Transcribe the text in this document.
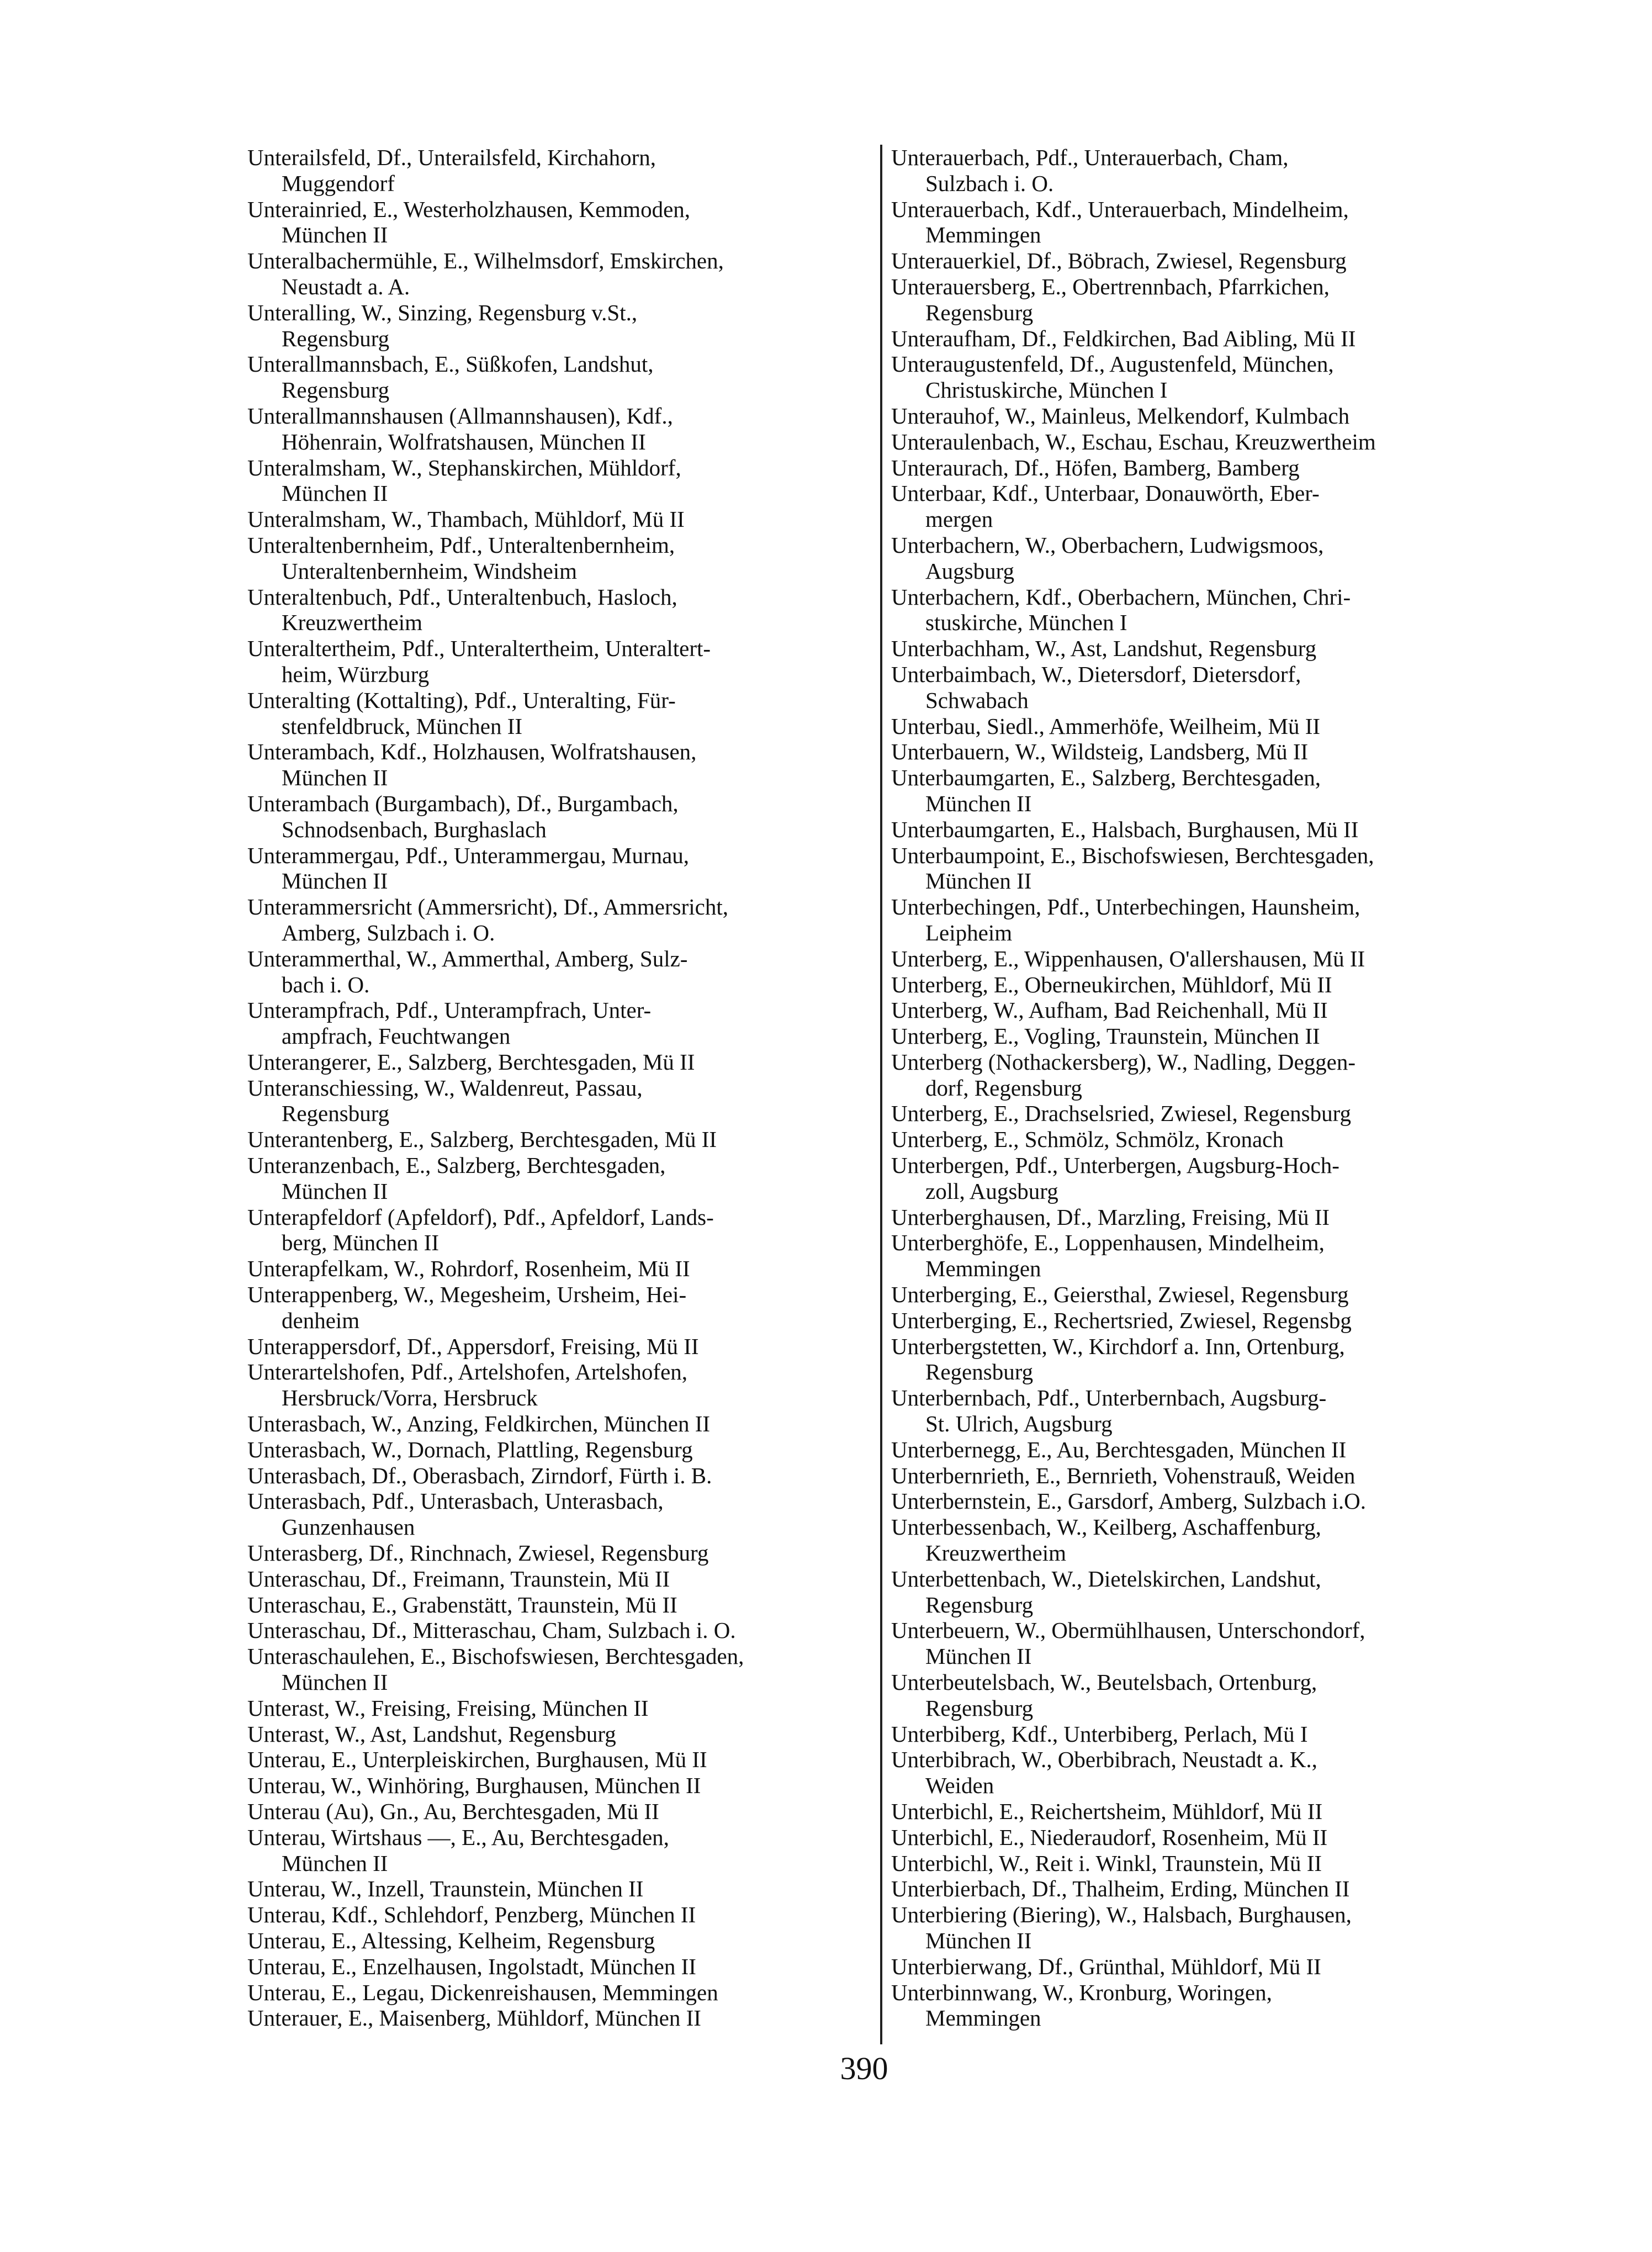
Unterailsfeld, Df., Unterailsfeld, Kirchahorn,
Muggendorf
Unterainried, E., Westerholzhausen, Kemmoden,
München II
Unteralbachermühle, E., Wilhelmsdorf, Emskirchen,
Neustadt a. A.
Unteralling, W., Sinzing, Regensburg v.St.,
Regensburg
Unterallmannsbach, E., Süßkofen, Landshut,
Regensburg
Unterallmannshausen (Allmannshausen), Kdf.,
Höhenrain, Wolfratshausen, München II
Unteralmsham, W., Stephanskirchen, Mühldorf,
München II
Unteralmsham, W., Thambach, Mühldorf, Mü II
Unteraltenbernheim, Pdf., Unteraltenbernheim,
Unteraltenbernheim, Windsheim
Unteraltenbuch, Pdf., Unteraltenbuch, Hasloch,
Kreuzwertheim
Unteraltertheim, Pdf., Unteraltertheim, Unteraltert-
heim, Würzburg
Unteralting (Kottalting), Pdf., Unteralting, Für-
stenfeldbruck, München II
Unterambach, Kdf., Holzhausen, Wolfratshausen,
München II
Unterambach (Burgambach), Df., Burgambach,
Schnodsenbach, Burghaslach
Unterammergau, Pdf., Unterammergau, Murnau,
München II
Unterammersricht (Ammersricht), Df., Ammersricht,
Amberg, Sulzbach i. O.
Unterammerthal, W., Ammerthal, Amberg, Sulz-
bach i. O.
Unterampfrach, Pdf., Unterampfrach, Unter-
ampfrach, Feuchtwangen
Unterangerer, E., Salzberg, Berchtesgaden, Mü II
Unteranschiessing, W., Waldenreut, Passau,
Regensburg
Unterantenberg, E., Salzberg, Berchtesgaden, Mü II
Unteranzenbach, E., Salzberg, Berchtesgaden,
München II
Unterapfeldorf (Apfeldorf), Pdf., Apfeldorf, Lands-
berg, München II
Unterapfelkam, W., Rohrdorf, Rosenheim, Mü II
Unterappenberg, W., Megesheim, Ursheim, Hei-
denheim
Unterappersdorf, Df., Appersdorf, Freising, Mü II
Unterartelshofen, Pdf., Artelshofen, Artelshofen,
Hersbruck/Vorra, Hersbruck
Unterasbach, W., Anzing, Feldkirchen, München II
Unterasbach, W., Dornach, Plattling, Regensburg
Unterasbach, Df., Oberasbach, Zirndorf, Fürth i. B.
Unterasbach, Pdf., Unterasbach, Unterasbach,
Gunzenhausen
Unterasberg, Df., Rinchnach, Zwiesel, Regensburg
Unteraschau, Df., Freimann, Traunstein, Mü II
Unteraschau, E., Grabenstätt, Traunstein, Mü II
Unteraschau, Df., Mitteraschau, Cham, Sulzbach i. O.
Unteraschaulehen, E., Bischofswiesen, Berchtesgaden,
München II
Unterast, W., Freising, Freising, München II
Unterast, W., Ast, Landshut, Regensburg
Unterau, E., Unterpleiskirchen, Burghausen, Mü II
Unterau, W., Winhöring, Burghausen, München II
Unterau (Au), Gn., Au, Berchtesgaden, Mü II
Unterau, Wirtshaus —, E., Au, Berchtesgaden,
München II
Unterau, W., Inzell, Traunstein, München II
Unterau, Kdf., Schlehdorf, Penzberg, München II
Unterau, E., Altessing, Kelheim, Regensburg
Unterau, E., Enzelhausen, Ingolstadt, München II
Unterau, E., Legau, Dickenreishausen, Memmingen
Unterauer, E., Maisenberg, Mühldorf, München II
Unterauerbach, Pdf., Unterauerbach, Cham,
Sulzbach i. O.
Unterauerbach, Kdf., Unterauerbach, Mindelheim,
Memmingen
Unterauerkiel, Df., Böbrach, Zwiesel, Regensburg
Unterauersberg, E., Obertrennbach, Pfarrkichen,
Regensburg
Unteraufham, Df., Feldkirchen, Bad Aibling, Mü II
Unteraugustenfeld, Df., Augustenfeld, München,
Christuskirche, München I
Unterauhof, W., Mainleus, Melkendorf, Kulmbach
Unteraulenbach, W., Eschau, Eschau, Kreuzwertheim
Unteraurach, Df., Höfen, Bamberg, Bamberg
Unterbaar, Kdf., Unterbaar, Donauwörth, Eber-
mergen
Unterbachern, W., Oberbachern, Ludwigsmoos,
Augsburg
Unterbachern, Kdf., Oberbachern, München, Chri-
stuskirche, München I
Unterbachham, W., Ast, Landshut, Regensburg
Unterbaimbach, W., Dietersdorf, Dietersdorf,
Schwabach
Unterbau, Siedl., Ammerhöfe, Weilheim, Mü II
Unterbauern, W., Wildsteig, Landsberg, Mü II
Unterbaumgarten, E., Salzberg, Berchtesgaden,
München II
Unterbaumgarten, E., Halsbach, Burghausen, Mü II
Unterbaumpoint, E., Bischofswiesen, Berchtesgaden,
München II
Unterbechingen, Pdf., Unterbechingen, Haunsheim,
Leipheim
Unterberg, E., Wippenhausen, O'allershausen, Mü II
Unterberg, E., Oberneukirchen, Mühldorf, Mü II
Unterberg, W., Aufham, Bad Reichenhall, Mü II
Unterberg, E., Vogling, Traunstein, München II
Unterberg (Nothackersberg), W., Nadling, Deggen-
dorf, Regensburg
Unterberg, E., Drachselsried, Zwiesel, Regensburg
Unterberg, E., Schmölz, Schmölz, Kronach
Unterbergen, Pdf., Unterbergen, Augsburg-Hoch-
zoll, Augsburg
Unterberghausen, Df., Marzling, Freising, Mü II
Unterberghöfe, E., Loppenhausen, Mindelheim,
Memmingen
Unterberging, E., Geiersthal, Zwiesel, Regensburg
Unterberging, E., Rechertsried, Zwiesel, Regensbg
Unterbergstetten, W., Kirchdorf a. Inn, Ortenburg,
Regensburg
Unterbernbach, Pdf., Unterbernbach, Augsburg-
St. Ulrich, Augsburg
Unterbernegg, E., Au, Berchtesgaden, München II
Unterbernrieth, E., Bernrieth, Vohenstrauß, Weiden
Unterbernstein, E., Garsdorf, Amberg, Sulzbach i.O.
Unterbessenbach, W., Keilberg, Aschaffenburg,
Kreuzwertheim
Unterbettenbach, W., Dietelskirchen, Landshut,
Regensburg
Unterbeuern, W., Obermühlhausen, Unterschondorf,
München II
Unterbeutelsbach, W., Beutelsbach, Ortenburg,
Regensburg
Unterbiberg, Kdf., Unterbiberg, Perlach, Mü I
Unterbibrach, W., Oberbibrach, Neustadt a. K.,
Weiden
Unterbichl, E., Reichertsheim, Mühldorf, Mü II
Unterbichl, E., Niederaudorf, Rosenheim, Mü II
Unterbichl, W., Reit i. Winkl, Traunstein, Mü II
Unterbierbach, Df., Thalheim, Erding, München II
Unterbiering (Biering), W., Halsbach, Burghausen,
München II
Unterbierwang, Df., Grünthal, Mühldorf, Mü II
Unterbinnwang, W., Kronburg, Woringen,
Memmingen
390
